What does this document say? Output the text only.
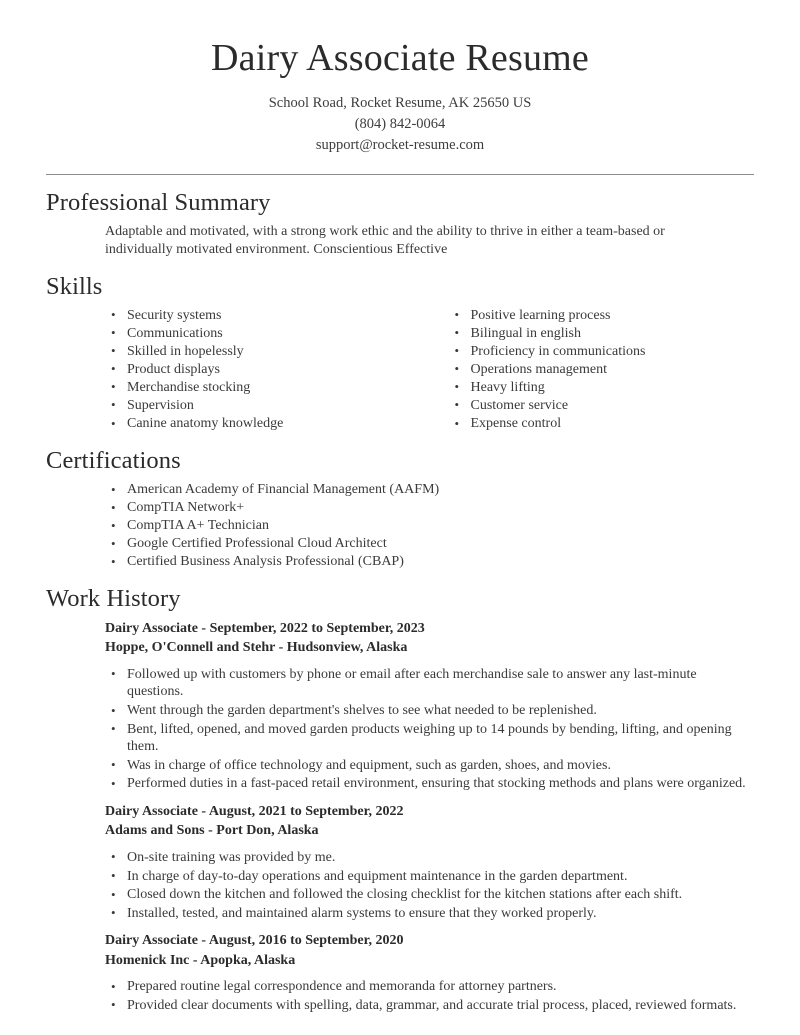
Dairy Associate Resume
School Road, Rocket Resume, AK 25650 US
(804) 842-0064
support@rocket-resume.com
Professional Summary
Adaptable and motivated, with a strong work ethic and the ability to thrive in either a team-based or individually motivated environment. Conscientious Effective
Skills
• Security systems
• Communications
• Skilled in hopelessly
• Product displays
• Merchandise stocking
• Supervision
• Canine anatomy knowledge
• Positive learning process
• Bilingual in english
• Proficiency in communications
• Operations management
• Heavy lifting
• Customer service
• Expense control
Certifications
• American Academy of Financial Management (AAFM)
• CompTIA Network+
• CompTIA A+ Technician
• Google Certified Professional Cloud Architect
• Certified Business Analysis Professional (CBAP)
Work History
Dairy Associate - September, 2022 to September, 2023
Hoppe, O'Connell and Stehr - Hudsonview, Alaska
• Followed up with customers by phone or email after each merchandise sale to answer any last-minute questions.
• Went through the garden department's shelves to see what needed to be replenished.
• Bent, lifted, opened, and moved garden products weighing up to 14 pounds by bending, lifting, and opening them.
• Was in charge of office technology and equipment, such as garden, shoes, and movies.
• Performed duties in a fast-paced retail environment, ensuring that stocking methods and plans were organized.
Dairy Associate - August, 2021 to September, 2022
Adams and Sons - Port Don, Alaska
• On-site training was provided by me.
• In charge of day-to-day operations and equipment maintenance in the garden department.
• Closed down the kitchen and followed the closing checklist for the kitchen stations after each shift.
• Installed, tested, and maintained alarm systems to ensure that they worked properly.
Dairy Associate - August, 2016 to September, 2020
Homenick Inc - Apopka, Alaska
• Prepared routine legal correspondence and memoranda for attorney partners.
• Provided clear documents with spelling, data, grammar, and accurate trial process, placed, reviewed formats.
